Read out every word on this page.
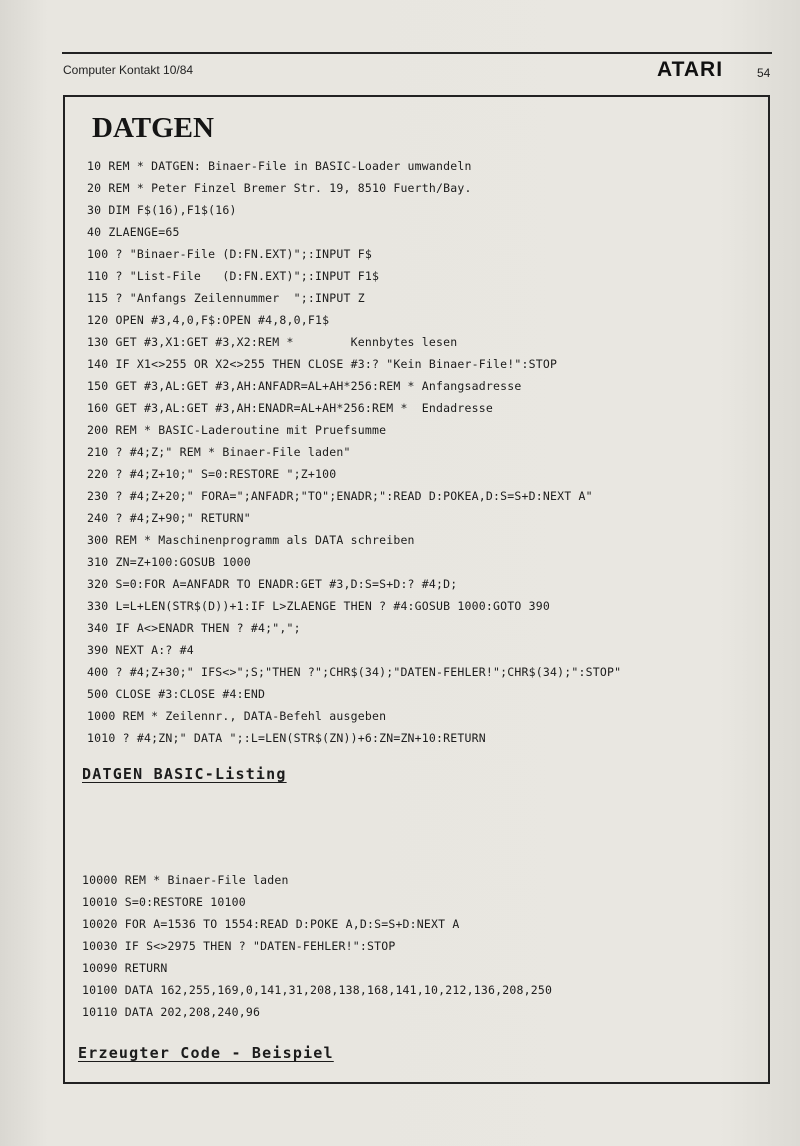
Computer Kontakt 10/84	ATARI	54
DATGEN
10 REM * DATGEN: Binaer-File in BASIC-Loader umwandeln
20 REM * Peter Finzel Bremer Str. 19, 8510 Fuerth/Bay.
30 DIM F$(16),F1$(16)
40 ZLAENGE=65
100 ? "Binaer-File (D:FN.EXT)";:INPUT F$
110 ? "List-File   (D:FN.EXT)";:INPUT F1$
115 ? "Anfangs Zeilennummer  ";:INPUT Z
120 OPEN #3,4,0,F$:OPEN #4,8,0,F1$
130 GET #3,X1:GET #3,X2:REM *        Kennbytes lesen
140 IF X1<>255 OR X2<>255 THEN CLOSE #3:? "Kein Binaer-File!":STOP
150 GET #3,AL:GET #3,AH:ANFADR=AL+AH*256:REM * Anfangsadresse
160 GET #3,AL:GET #3,AH:ENADR=AL+AH*256:REM *  Endadresse
200 REM * BASIC-Laderoutine mit Pruefsumme
210 ? #4;Z;" REM * Binaer-File laden"
220 ? #4;Z+10;" S=0:RESTORE ";Z+100
230 ? #4;Z+20;" FORA=";ANFADR;"TO";ENADR;":READ D:POKEA,D:S=S+D:NEXT A"
240 ? #4;Z+90;" RETURN"
300 REM * Maschinenprogramm als DATA schreiben
310 ZN=Z+100:GOSUB 1000
320 S=0:FOR A=ANFADR TO ENADR:GET #3,D:S=S+D:? #4;D;
330 L=L+LEN(STR$(D))+1:IF L>ZLAENGE THEN ? #4:GOSUB 1000:GOTO 390
340 IF A<>ENADR THEN ? #4;",";
390 NEXT A:? #4
400 ? #4;Z+30;" IFS<>";S;"THEN ?";CHR$(34);"DATEN-FEHLER!";CHR$(34);":STOP"
500 CLOSE #3:CLOSE #4:END
1000 REM * Zeilennr., DATA-Befehl ausgeben
1010 ? #4;ZN;" DATA ";:L=LEN(STR$(ZN))+6:ZN=ZN+10:RETURN
DATGEN BASIC-Listing
10000 REM * Binaer-File laden
10010 S=0:RESTORE 10100
10020 FOR A=1536 TO 1554:READ D:POKE A,D:S=S+D:NEXT A
10030 IF S<>2975 THEN ? "DATEN-FEHLER!":STOP
10090 RETURN
10100 DATA 162,255,169,0,141,31,208,138,168,141,10,212,136,208,250
10110 DATA 202,208,240,96
Erzeugter Code - Beispiel
